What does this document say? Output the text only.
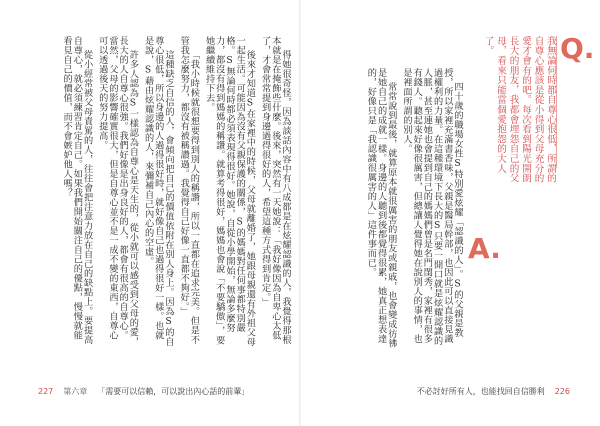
得她很奇怪，因為談話內容中有八成都是在炫耀認識的人，我覺得那根本就是在掩飾些什麼。後來，突然有一天她說：「我好像因為自卑心太低了，才會常常提到身邊過得很好的人，希望這種方式得到肯定。」

後來才知道S在家裡中的時候，父母就離婚了，她跟母親還有外祖父母一起生活。可能因為沒有父親保護的關係，S的媽媽對任何事都特別嚴格。S無論何時都必須表現得很好。她說，自從小學開始，無論多麼努力，都沒有得到媽媽的稱讚。就算考得很好，媽媽也會說「不要驕傲」，要她繼續維持下去。

「我小時候就很想要得到別人的稱讚，所以一直都在追求完美。但是不管我怎麼努力，都沒有被稱讚過。我覺得自己好像一直都不夠好。」

這種缺乏自信的人，會傾向把自己的價值依附在別人身上。因為S的自尊心很低，所以身邊的人過得很好時，就好像自己也過得很好一樣。也就是說，S藉由炫耀認識的人，來彌補自己內心的空虛。

許多人認為S一樣認為自尊心是天生的，從小就可以感受到父母的愛，長大的人自尊心很強。我們好像是出身良好的人，都會有很高的自尊心。當然，父母的影響確實很大，但是自尊心並不是一成不變的東西，自尊心可以透過後天的努力提高。

從小經常被父母責罵的人，往往會把注意力放在自己的缺點上。要提高自尊心，就必須練習肯定自己。如果我們開始關注自己的優點，慢慢就能看見自己的價值，而不會嫉妒他人嗎？	四十歲的職場女性S特別愛炫耀「認識的人」。S的父親是教授，所以家裡充滿書香味，父親是醫局幹部，也因此可以直接見識過權利的力量。在這種環境下長大的S只要一開口就是炫耀認識的人脈，甚至連她也會提到自己的媽媽們曾是名門閨秀，家裡有很多有錢人。聽起來好像很厲害，但總讓人覺得她在說別人的事情，也是裡面所謂的別人。

常常說到最後，就算原本就很厲害的朋友或親戚，也會變成彷彿是她自己的成就一樣。身邊的人聽到後都覺得很累，她真正想表達的，好像只是「我認識很厲害的人」這件事而已。	A.
我無論何時都自尊心很低，所謂的自尊心應該是從小得到父母充分的愛才會有的吧。每次看到陽光開朗長大的朋友，我都會埋怨自己的父母，看來只能當個愛抱怨的大人了。	Q.
227 第六章 「需要可以信賴，可以說出內心話的前輩」	不必討好所有人，也能找回自信勝利 226
